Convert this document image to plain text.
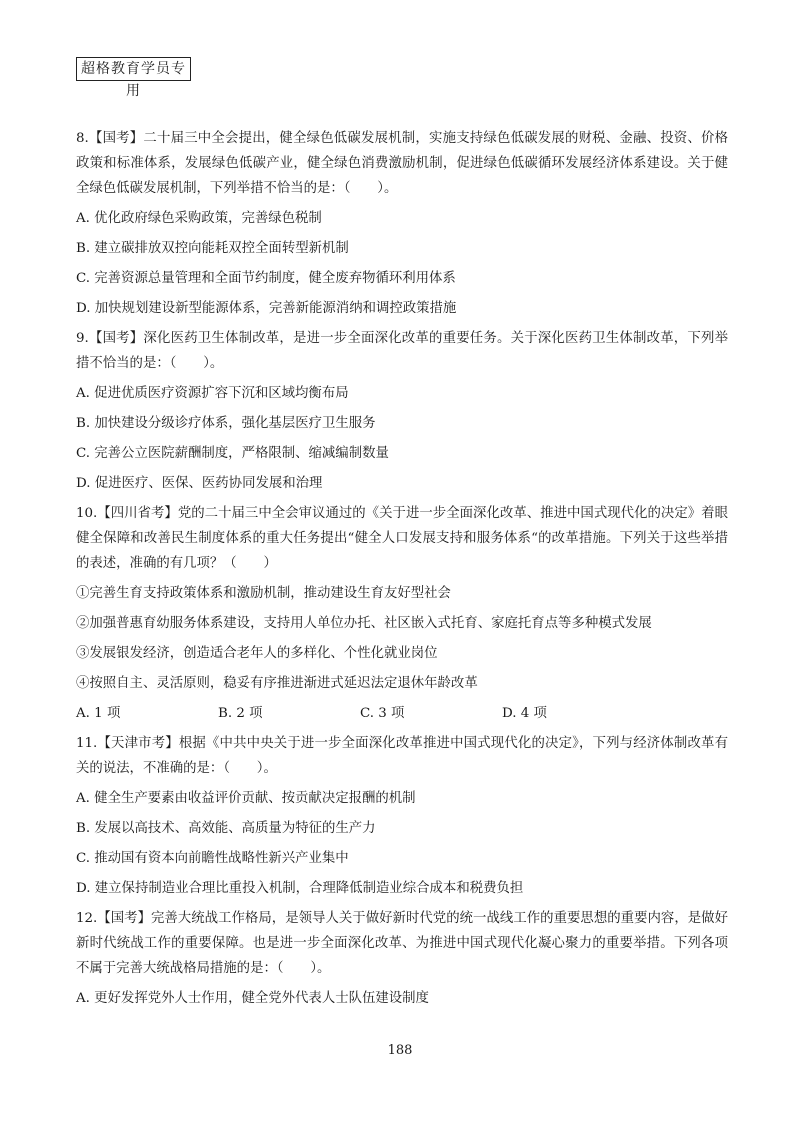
超格教育学员专用

8.【国考】二十届三中全会提出，健全绿色低碳发展机制，实施支持绿色低碳发展的财税、金融、投资、价格政策和标准体系，发展绿色低碳产业，健全绿色消费激励机制，促进绿色低碳循环发展经济体系建设。关于健全绿色低碳发展机制，下列举措不恰当的是：（　　）。

A. 优化政府绿色采购政策，完善绿色税制

B. 建立碳排放双控向能耗双控全面转型新机制

C. 完善资源总量管理和全面节约制度，健全废弃物循环利用体系

D. 加快规划建设新型能源体系，完善新能源消纳和调控政策措施

9.【国考】深化医药卫生体制改革，是进一步全面深化改革的重要任务。关于深化医药卫生体制改革，下列举措不恰当的是：（　　）。

A. 促进优质医疗资源扩容下沉和区域均衡布局

B. 加快建设分级诊疗体系，强化基层医疗卫生服务

C. 完善公立医院薪酬制度，严格限制、缩减编制数量

D. 促进医疗、医保、医药协同发展和治理

10.【四川省考】党的二十届三中全会审议通过的《关于进一步全面深化改革、推进中国式现代化的决定》着眼健全保障和改善民生制度体系的重大任务提出“健全人口发展支持和服务体系“的改革措施。下列关于这些举措的表述，准确的有几项？（　　）

①完善生育支持政策体系和激励机制，推动建设生育友好型社会

②加强普惠育幼服务体系建设，支持用人单位办托、社区嵌入式托育、家庭托育点等多种模式发展

③发展银发经济，创造适合老年人的多样化、个性化就业岗位

④按照自主、灵活原则，稳妥有序推进渐进式延迟法定退休年龄改革

A. 1 项	B. 2 项	C. 3 项	D. 4 项

11.【天津市考】根据《中共中央关于进一步全面深化改革推进中国式现代化的决定》，下列与经济体制改革有关的说法，不准确的是：（　　）。

A. 健全生产要素由收益评价贡献、按贡献决定报酬的机制

B. 发展以高技术、高效能、高质量为特征的生产力

C. 推动国有资本向前瞻性战略性新兴产业集中

D. 建立保持制造业合理比重投入机制，合理降低制造业综合成本和税费负担

12.【国考】完善大统战工作格局，是领导人关于做好新时代党的统一战线工作的重要思想的重要内容，是做好新时代统战工作的重要保障。也是进一步全面深化改革、为推进中国式现代化凝心聚力的重要举措。下列各项不属于完善大统战格局措施的是：（　　）。

A. 更好发挥党外人士作用，健全党外代表人士队伍建设制度

188
